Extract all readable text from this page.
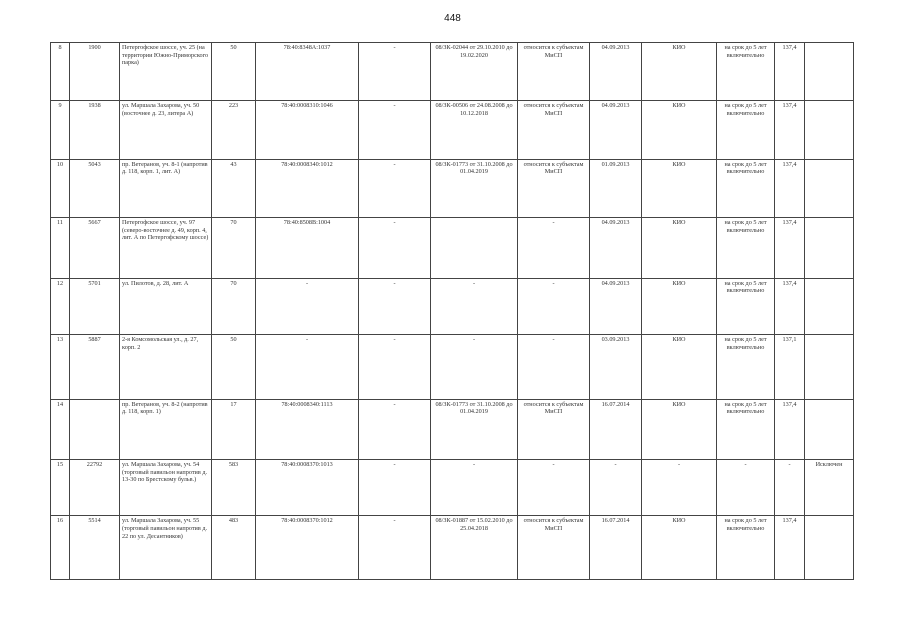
448
8	1900	Петергофское шоссе, уч. 25 (на территории Южно-Приморского парка)	50	78:40:8348A:1037	-	08/ЗК-02044 от 29.10.2010 до 19.02.2020	относится к субъектам МиСП	04.09.2013	КИО	на срок до 5 лет включительно	137,4	
9	1938	ул. Маршала Захарова, уч. 50 (восточнее д. 23, литера А)	223	78:40:0008310:1046	-	08/ЗК-00506 от 24.08.2008 до 10.12.2018	относится к субъектам МиСП	04.09.2013	КИО	на срок до 5 лет включительно	137,4	
10	5043	пр. Ветеранов, уч. 8-1 (напротив д. 118, корп. 1, лит. А)	43	78:40:0008340:1012	-	08/ЗК-01773 от 31.10.2008 до 01.04.2019	относится к субъектам МиСП	01.09.2013	КИО	на срок до 5 лет включительно	137,4	
11	5667	Петергофское шоссе, уч. 97 (северо-восточнее д. 49, корп. 4, лит. А по Петергофскому шоссе)	70	78:40:8508B:1004	-		-	04.09.2013	КИО	на срок до 5 лет включительно	137,4	
12	5701	ул. Пилотов, д. 28, лит. А	70	-	-	-	-	04.09.2013	КИО	на срок до 5 лет включительно	137,4	
13	5887	2-я Комсомольская ул., д. 27, корп. 2	50	-	-	-	-	03.09.2013	КИО	на срок до 5 лет включительно	137,1	
14		пр. Ветеранов, уч. 8-2 (напротив д. 118, корп. 1)	17	78:40:0008340:1113	-	08/ЗК-01773 от 31.10.2008 до 01.04.2019	относится к субъектам МиСП	16.07.2014	КИО	на срок до 5 лет включительно	137,4	
15	22792	ул. Маршала Захарова, уч. 54 (торговый павильон напротив д. 13-30 по Брестскому бульв.)	583	78:40:0008370:1013	-	-	-	-	-	-	-	Исключен
16	5514	ул. Маршала Захарова, уч. 55 (торговый павильон напротив д. 22 по ул. Десантников)	483	78:40:0008370:1012	-	08/ЗК-01887 от 15.02.2010 до 25.04.2018	относится к субъектам МиСП	16.07.2014	КИО	на срок до 5 лет включительно	137,4	
